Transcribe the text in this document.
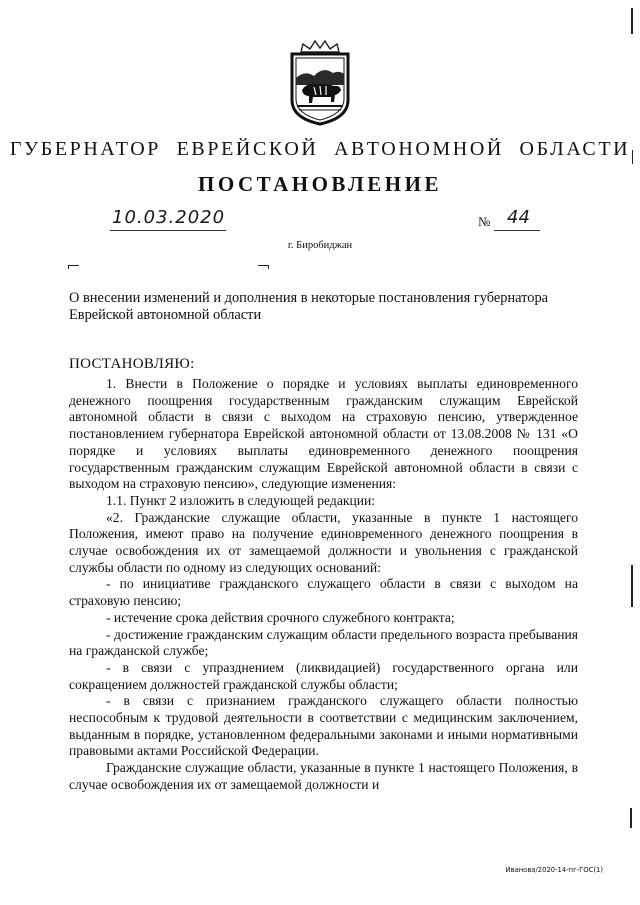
ГУБЕРНАТОР ЕВРЕЙСКОЙ АВТОНОМНОЙ ОБЛАСТИ
ПОСТАНОВЛЕНИЕ
10.03.2020	№ 44
г. Биробиджан
О внесении изменений и дополнения в некоторые постановления губернатора Еврейской автономной области
ПОСТАНОВЛЯЮ:

1. Внести в Положение о порядке и условиях выплаты единовременного денежного поощрения государственным гражданским служащим Еврейской автономной области в связи с выходом на страховую пенсию, утвержденное постановлением губернатора Еврейской автономной области от 13.08.2008 № 131 «О порядке и условиях выплаты единовременного денежного поощрения государственным гражданским служащим Еврейской автономной области в связи с выходом на страховую пенсию», следующие изменения:

1.1. Пункт 2 изложить в следующей редакции:

«2. Гражданские служащие области, указанные в пункте 1 настоящего Положения, имеют право на получение единовременного денежного поощрения в случае освобождения их от замещаемой должности и увольнения с гражданской службы области по одному из следующих оснований:

- по инициативе гражданского служащего области в связи с выходом на страховую пенсию;

- истечение срока действия срочного служебного контракта;

- достижение гражданским служащим области предельного возраста пребывания на гражданской службе;

- в связи с упразднением (ликвидацией) государственного органа или сокращением должностей гражданской службы области;

- в связи с признанием гражданского служащего области полностью неспособным к трудовой деятельности в соответствии с медицинским заключением, выданным в порядке, установленном федеральными законами и иными нормативными правовыми актами Российской Федерации.

Гражданские служащие области, указанные в пункте 1 настоящего Положения, в случае освобождения их от замещаемой должности и

Иванова/2020-14-пг-ГОС(1)
